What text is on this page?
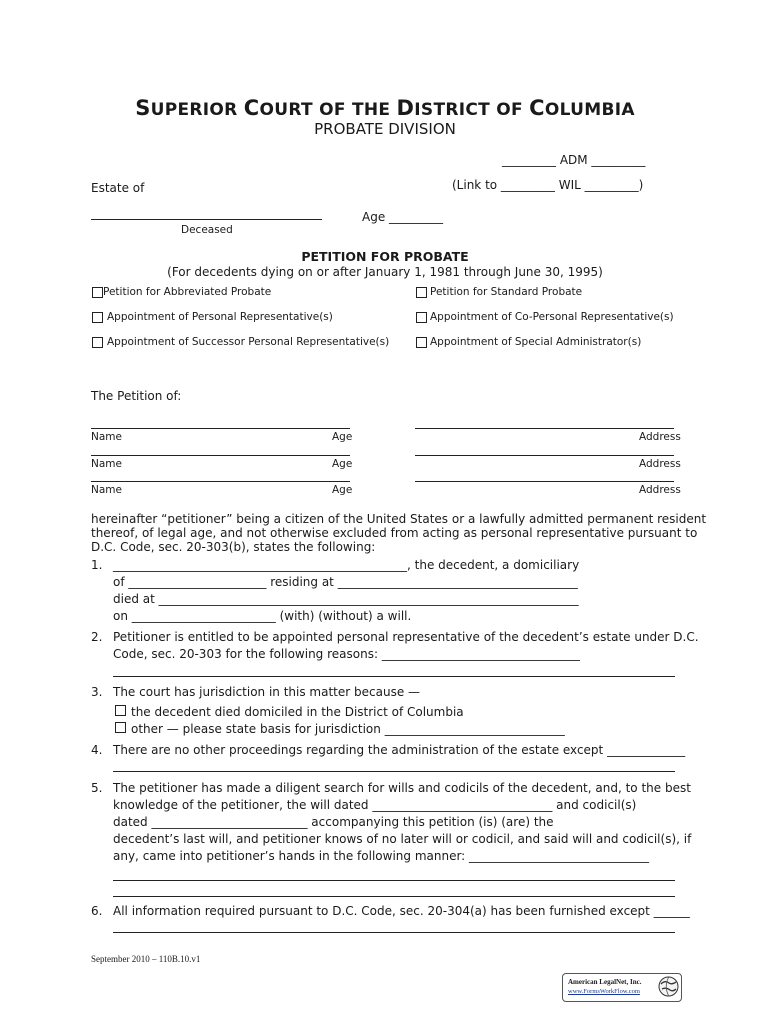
SUPERIOR COURT OF THE DISTRICT OF COLUMBIA
PROBATE DIVISION
_________ ADM _________
(Link to _________ WIL _________)
Estate of
Deceased
Age _________
PETITION FOR PROBATE
(For decedents dying on or after January 1, 1981 through June 30, 1995)
Petition for Abbreviated Probate	Petition for Standard Probate
Appointment of Personal Representative(s)	Appointment of Co-Personal Representative(s)
Appointment of Successor Personal Representative(s)	Appointment of Special Administrator(s)
The Petition of:
Name	Age	Address
Name	Age	Address
Name	Age	Address
hereinafter “petitioner” being a citizen of the United States or a lawfully admitted permanent resident
thereof, of legal age, and not otherwise excluded from acting as personal representative pursuant to
D.C. Code, sec. 20-303(b), states the following:
1. _________________________________________________, the decedent, a domiciliary
of _______________________ residing at ________________________________________
died at ______________________________________________________________________
on ________________________ (with) (without) a will.
2. Petitioner is entitled to be appointed personal representative of the decedent’s estate under D.C.
Code, sec. 20-303 for the following reasons: _________________________________
3. The court has jurisdiction in this matter because —
the decedent died domiciled in the District of Columbia
other — please state basis for jurisdiction ______________________________
4. There are no other proceedings regarding the administration of the estate except _____________
5. The petitioner has made a diligent search for wills and codicils of the decedent, and, to the best
knowledge of the petitioner, the will dated ______________________________ and codicil(s)
dated __________________________ accompanying this petition (is) (are) the
decedent’s last will, and petitioner knows of no later will or codicil, and said will and codicil(s), if
any, came into petitioner’s hands in the following manner: ______________________________
6. All information required pursuant to D.C. Code, sec. 20-304(a) has been furnished except ______
September 2010 – 110B.10.v1
American LegalNet, Inc.
www.FormsWorkFlow.com
